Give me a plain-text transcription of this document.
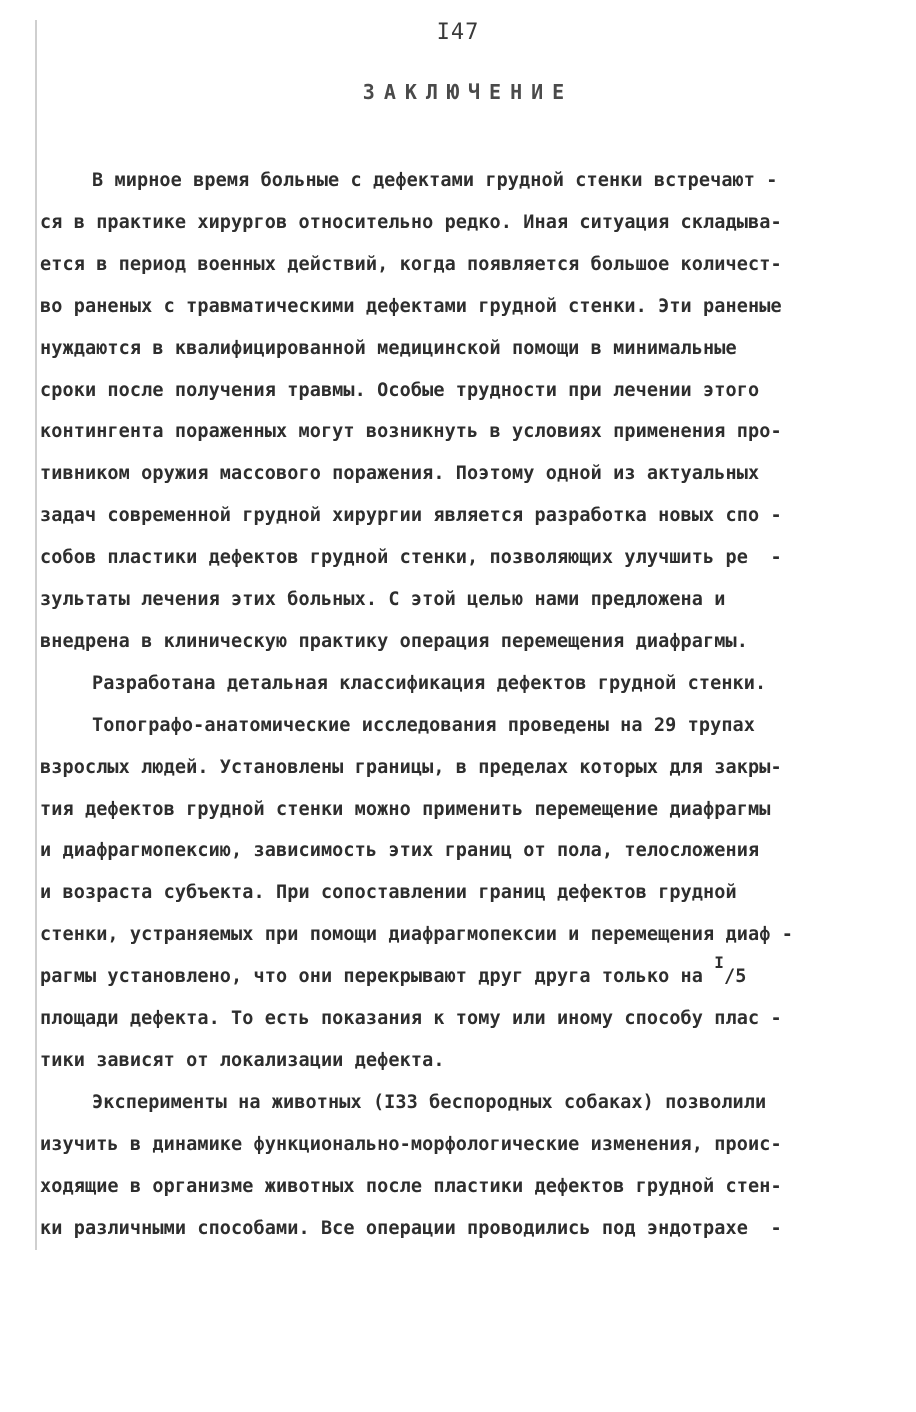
I47
ЗАКЛЮЧЕНИЕ
В мирное время больные с дефектами грудной стенки встречают -
ся в практике хирургов относительно редко. Иная ситуация складыва-
ется в период военных действий, когда появляется большое количест-
во раненых с травматическими дефектами грудной стенки. Эти раненые
нуждаются в квалифицированной медицинской помощи в минимальные
сроки после получения травмы. Особые трудности при лечении этого
контингента пораженных могут возникнуть в условиях применения про-
тивником оружия массового поражения. Поэтому одной из актуальных
задач современной грудной хирургии является разработка новых спо -
собов пластики дефектов грудной стенки, позволяющих улучшить ре  -
зультаты лечения этих больных. С этой целью нами предложена и
внедрена в клиническую практику операция перемещения диафрагмы.
Разработана детальная классификация дефектов грудной стенки.
Топографо-анатомические исследования проведены на 29 трупах
взрослых людей. Установлены границы, в пределах которых для закры-
тия дефектов грудной стенки можно применить перемещение диафрагмы
и диафрагмопексию, зависимость этих границ от пола, телосложения
и возраста субъекта. При сопоставлении границ дефектов грудной
стенки, устраняемых при помощи диафрагмопексии и перемещения диаф -
рагмы установлено, что они перекрывают друг друга только на I/5
площади дефекта. То есть показания к тому или иному способу плас -
тики зависят от локализации дефекта.
Эксперименты на животных (I33 беспородных собаках) позволили
изучить в динамике функционально-морфологические изменения, проис-
ходящие в организме животных после пластики дефектов грудной стен-
ки различными способами. Все операции проводились под эндотрахе  -
